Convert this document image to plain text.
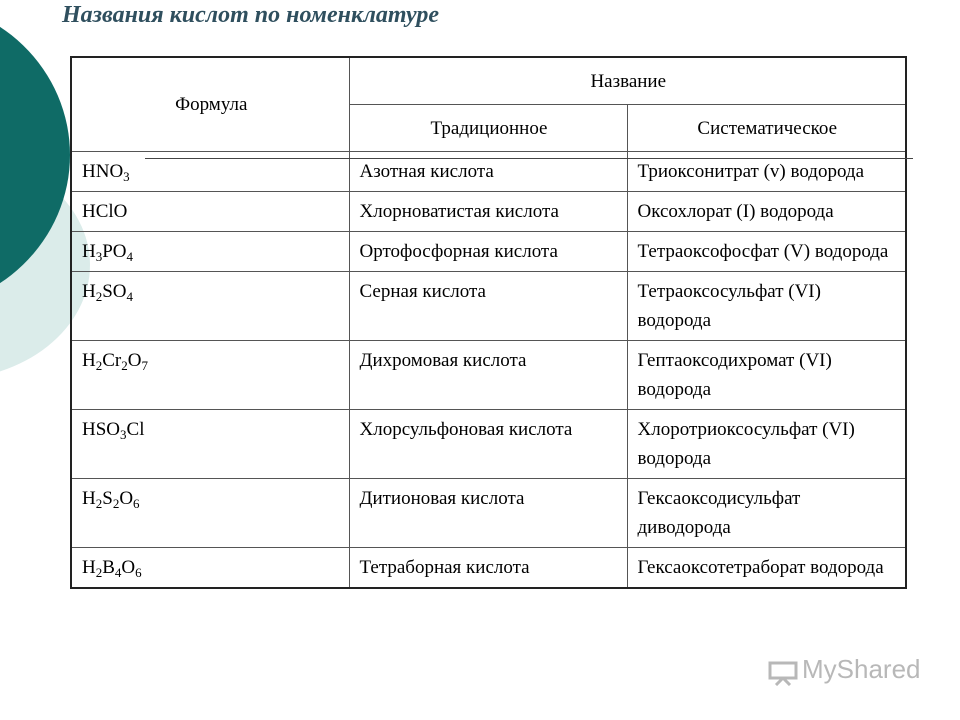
Названия кислот по номенклатуре
Формула	Название	
	Традиционное	Систематическое
$HNO_3$	Азотная кислота	Триоксонитрат (v) водорода
HClO	Хлорноватистая кислота	Оксохлорат (I) водорода
$H_3PO_4$	Ортофосфорная кислота	Тетраоксофосфат (V) водорода
$H_2SO_4$	Серная кислота	Тетраоксосульфат (VI) водорода
$H_2Cr_2O_7$	Дихромовая кислота	Гептаоксодихромат (VI) водорода
$HSO_3Cl$	Хлорсульфоновая кислота	Хлоротриоксосульфат (VI) водорода
$H_2S_2O_6$	Дитионовая кислота	Гексаоксодисульфат диводорода
$H_2B_4O_6$	Тетраборная кислота	Гексаоксотетраборат водорода
MyShared
